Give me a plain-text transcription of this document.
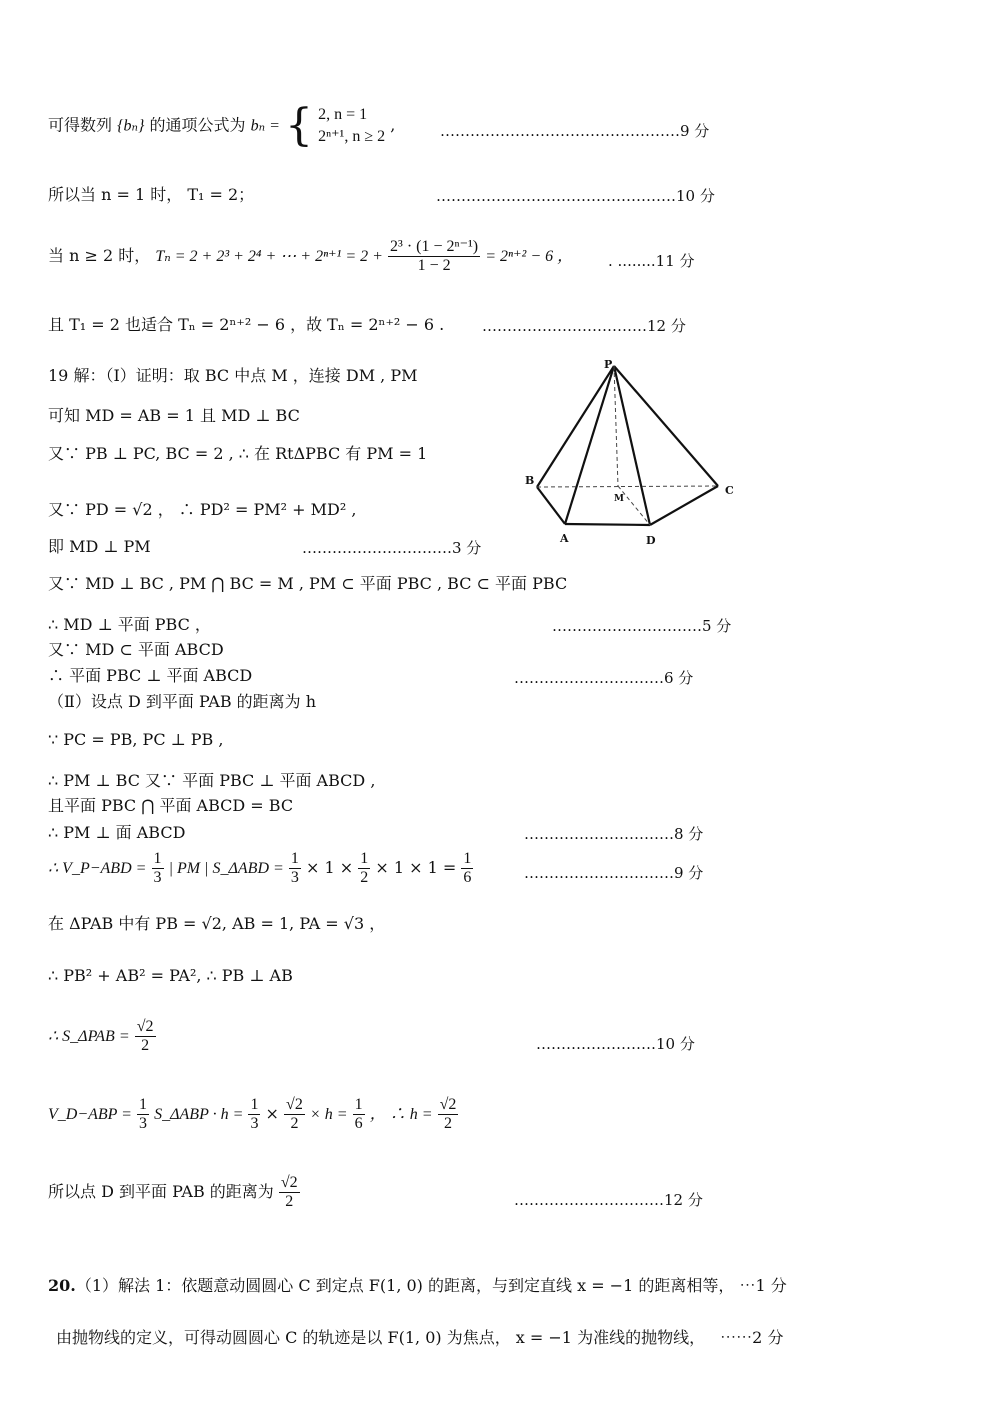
可得数列 {bₙ} 的通项公式为 bₙ = { 2, n = 1
2ⁿ⁺¹, n ≥ 2
,	…………………………………………9 分
所以当 n = 1 时， T₁ = 2；	…………………………………………10 分
当 n ≥ 2 时， Tₙ = 2 + 2³ + 2⁴ + ⋯ + $2^{n+1} = 2 + \frac{\text{2³ · (1 − 2ⁿ⁻¹)}}{1 - 2} = 2^{n+2} - 6$ ， . ........11 分
且 T₁ = 2 也适合 Tₙ = 2ⁿ⁺² − 6 ，故 Tₙ = 2ⁿ⁺² − 6 .	……………………………12 分
19 解：（Ⅰ）证明：取 BC 中点 M ，连接 DM , PM
可知 MD = AB = 1 且 MD ⊥ BC
又∵ PB ⊥ PC, BC = 2 , ∴ 在 RtΔPBC 有 PM = 1
又∵ PD = √2 ， ∴ PD² = PM² + MD² ,
即 MD ⊥ PM	…………………………3 分
又∵ MD ⊥ BC , PM ⋂ BC = M , PM ⊂ 平面 PBC , BC ⊂ 平面 PBC
∴ MD ⊥ 平面 PBC ，	…………………………5 分
又∵ MD ⊂ 平面 ABCD
∴ 平面 PBC ⊥ 平面 ABCD	…………………………6 分
（Ⅱ）设点 D 到平面 PAB 的距离为 h
∵ PC = PB, PC ⊥ PB ,
∴ PM ⊥ BC 又∵ 平面 PBC ⊥ 平面 ABCD ,
且平面 PBC ⋂ 平面 ABCD = BC
∴ PM ⊥ 面 ABCD	…………………………8 分
∴ V_P−ABD = $\frac{1}{3}$ | PM | S_ΔABD = $\frac{1}{3} \times 1 \times \frac{1}{2} \times 1 \times 1 = \frac{1}{6}$	…………………………9 分
在 ΔPAB 中有 PB = √2, AB = 1, PA = √3 ，
∴ PB² + AB² = PA², ∴ PB ⊥ AB
∴ S_ΔPAB = $\frac{√2}{2}$	……………………10 分
V_D−ABP = $\frac{1}{3}$ S_ΔABP · $h = \frac{1}{3} \times \frac{√2}{2} \times h = \frac{1}{6}$ ， ∴ $h = \frac{√2}{2}$
所以点 D 到平面 PAB 的距离为 $\frac{√2}{2}$	…………………………12 分
20.（1）解法 1：依题意动圆圆心 C 到定点 F(1, 0) 的距离，与到定直线 x = −1 的距离相等， ⋯1 分
由抛物线的定义，可得动圆圆心 C 的轨迹是以 F(1, 0) 为焦点， x = −1 为准线的抛物线， ⋯⋯2 分
P
B
C
M
A	D
